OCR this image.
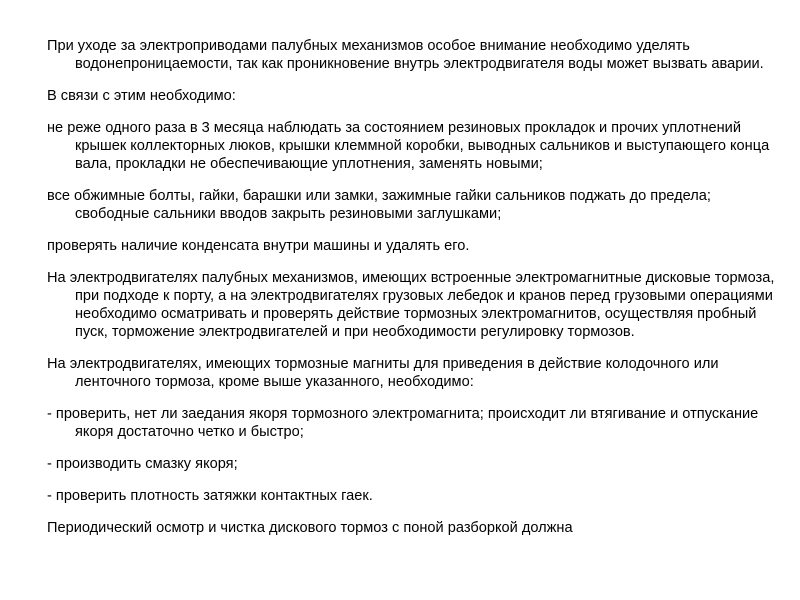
При уходе за электроприводами палубных механизмов особое внимание необходимо уделять водонепроницаемости, так как проникновение внутрь электродвигателя воды может вызвать аварии.

В связи с этим необходимо:

не реже одного раза в 3 месяца наблюдать за состоянием резиновых прокладок и прочих уплотнений крышек коллекторных люков, крышки клеммной коробки, выводных сальников и выступающего конца вала, прокладки не обеспечивающие уплотнения, заменять новыми;

все обжимные болты, гайки, барашки или замки, зажимные гайки сальников поджать до предела; свободные сальники вводов закрыть резиновыми заглушками;

проверять наличие конденсата внутри машины и удалять его.

На электродвигателях палубных механизмов, имеющих встроенные электромагнитные дисковые тормоза, при подходе к порту, а на электродвигателях грузовых лебедок и кранов перед грузовыми операциями необходимо осматривать и проверять действие тормозных электромагнитов, осуществляя пробный пуск, торможение электродвигателей и при необходимости регулировку тормозов.

На электродвигателях, имеющих тормозные магниты для приведения в действие колодочного или ленточного тормоза, кроме выше указанного, необходимо:

- проверить, нет ли заедания якоря тормозного электромагнита; происходит ли втягивание и отпускание якоря достаточно четко и быстро;

- производить смазку якоря;

- проверить плотность затяжки контактных гаек.

Периодический осмотр и чистка дискового тормоз с поной разборкой должна
